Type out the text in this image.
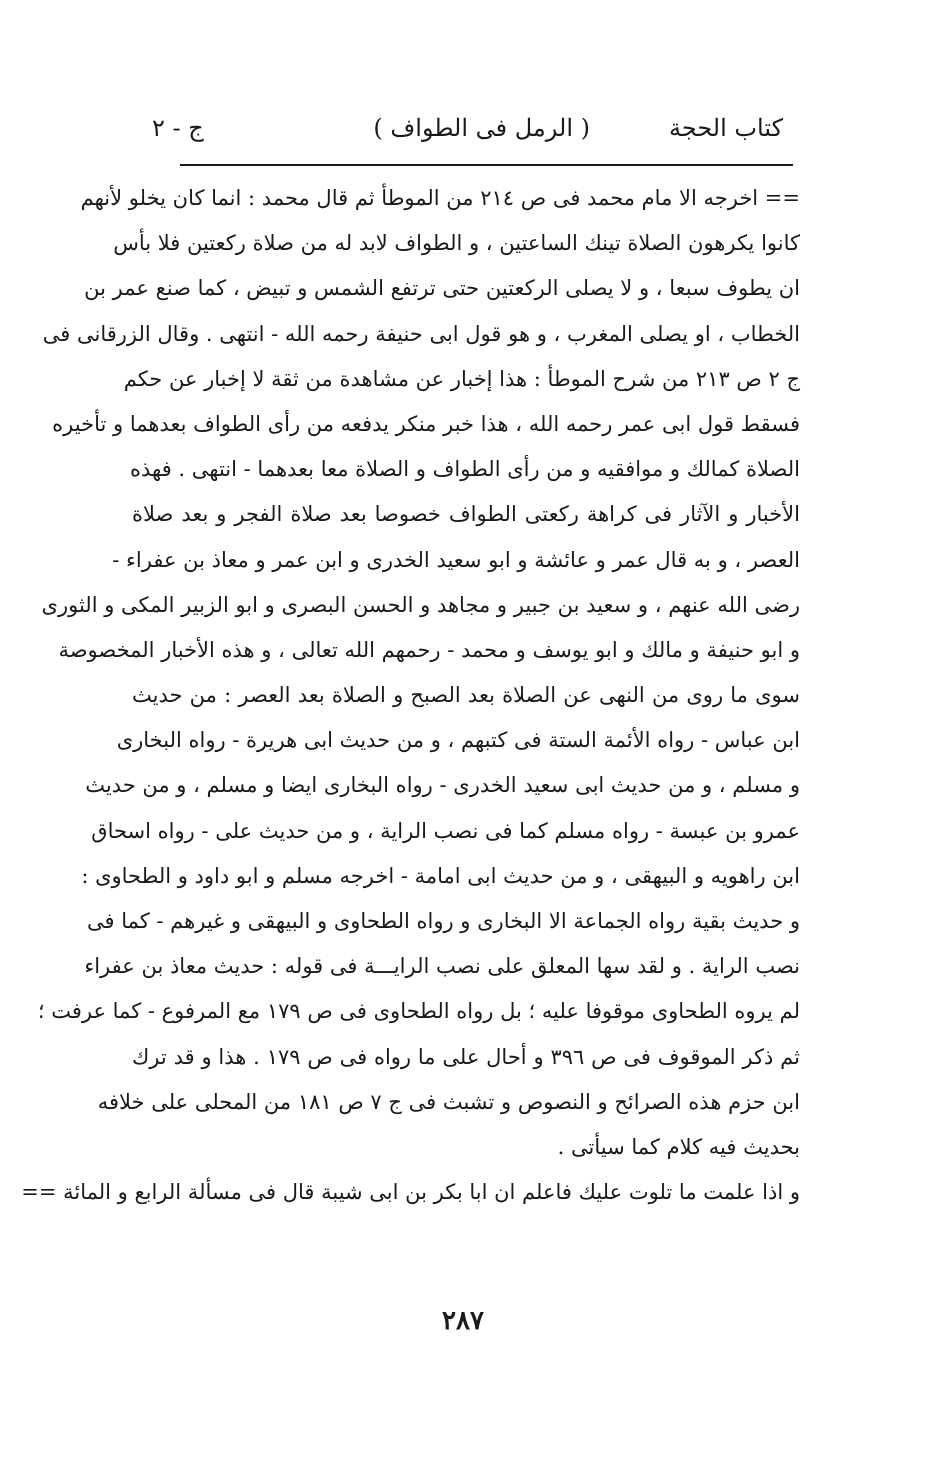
كتاب الحجة
( الرمل فى الطواف )
ج - ٢
== اخرجه الا مام محمد فى ص ٢١٤ من الموطأ ثم قال محمد : انما كان يخلو لأنهم
كانوا يكرهون الصلاة تينك الساعتين ، و الطواف لابد له من صلاة ركعتين فلا بأس
ان يطوف سبعا ، و لا يصلى الركعتين حتى ترتفع الشمس و تبيض ، كما صنع عمر بن
الخطاب ، او يصلى المغرب ، و هو قول ابى حنيفة رحمه الله - انتهى . وقال الزرقانى فى
ج ٢ ص ٢١٣ من شرح الموطأ : هذا إخبار عن مشاهدة من ثقة لا إخبار عن حكم
فسقط قول ابى عمر رحمه الله ، هذا خبر منكر يدفعه من رأى الطواف بعدهما و تأخيره
الصلاة كمالك و موافقيه و من رأى الطواف و الصلاة معا بعدهما - انتهى . فهذه
الأخبار و الآثار فى كراهة ركعتى الطواف خصوصا بعد صلاة الفجر و بعد صلاة
العصر ، و به قال عمر و عائشة و ابو سعيد الخدرى و ابن عمر و معاذ بن عفراء -
رضى الله عنهم ، و سعيد بن جبير و مجاهد و الحسن البصرى و ابو الزبير المكى و الثورى
و ابو حنيفة و مالك و ابو يوسف و محمد - رحمهم الله تعالى ، و هذه الأخبار المخصوصة
سوى ما روى من النهى عن الصلاة بعد الصبح و الصلاة بعد العصر : من حديث
ابن عباس - رواه الأئمة الستة فى كتبهم ، و من حديث ابى هريرة - رواه البخارى
و مسلم ، و من حديث ابى سعيد الخدرى - رواه البخارى ايضا و مسلم ، و من حديث
عمرو بن عبسة - رواه مسلم كما فى نصب الراية ، و من حديث على - رواه اسحاق
ابن راهويه و البيهقى ، و من حديث ابى امامة - اخرجه مسلم و ابو داود و الطحاوى :
و حديث بقية رواه الجماعة الا البخارى و رواه الطحاوى و البيهقى و غيرهم - كما فى
نصب الراية . و لقد سها المعلق على نصب الرايـــة فى قوله : حديث معاذ بن عفراء
لم يروه الطحاوى موقوفا عليه ؛ بل رواه الطحاوى فى ص ١٧٩ مع المرفوع - كما عرفت ؛
ثم ذكر الموقوف فى ص ٣٩٦ و أحال على ما رواه فى ص ١٧٩ . هذا و قد ترك
ابن حزم هذه الصرائح و النصوص و تشبث فى ج ٧ ص ١٨١ من المحلى على خلافه
بحديث فيه كلام كما سيأتى .
و اذا علمت ما تلوت عليك فاعلم ان ابا بكر بن ابى شيبة قال فى مسألة الرابع و المائة ==
٢٨٧
